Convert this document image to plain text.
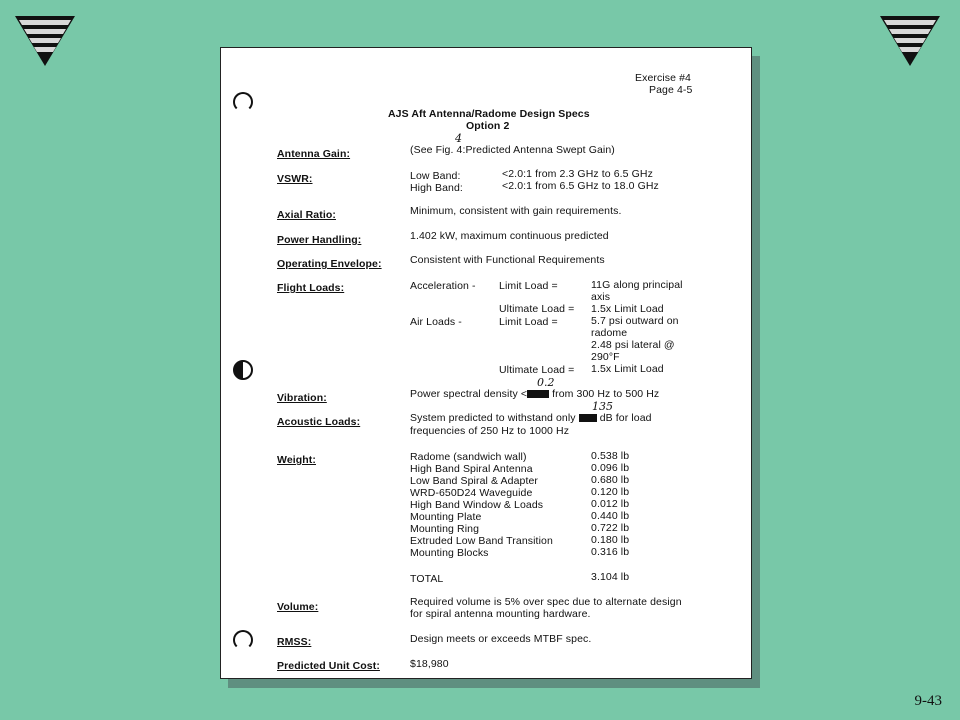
Exercise #4
Page 4-5
AJS Aft Antenna/Radome Design Specs
Option 2
Antenna Gain:	(See Fig. 4:Predicted Antenna Swept Gain)
4
VSWR:	Low Band:	<2.0:1 from 2.3 GHz to 6.5 GHz
High Band:	<2.0:1 from 6.5 GHz to 18.0 GHz
Axial Ratio:	Minimum, consistent with gain requirements.
Power Handling:	1.402 kW, maximum continuous predicted
Operating Envelope:	Consistent with Functional Requirements
Flight Loads:	Acceleration - Limit Load =	11G along principal
axis
Ultimate Load = 1.5x Limit Load
Air Loads -	Limit Load =	5.7 psi outward on
radome
2.48 psi lateral @
290°F
Ultimate Load = 1.5x Limit Load
Vibration:	Power spectral density < from 300 Hz to 500 Hz
0.2
Acoustic Loads:	System predicted to withstand only  dB for load
frequencies of 250 Hz to 1000 Hz
135
Weight:	Radome (sandwich wall)	0.538 lb
High Band Spiral Antenna	0.096 lb
Low Band Spiral & Adapter	0.680 lb
WRD-650D24 Waveguide	0.120 lb
High Band Window & Loads	0.012 lb
Mounting Plate	0.440 lb
Mounting Ring	0.722 lb
Extruded Low Band Transition	0.180 lb
Mounting Blocks	0.316 lb
TOTAL	3.104 lb
Volume:	Required volume is 5% over spec due to alternate design
for spiral antenna mounting hardware.
RMSS:	Design meets or exceeds MTBF spec.
Predicted Unit Cost:	$18,980
9-43
